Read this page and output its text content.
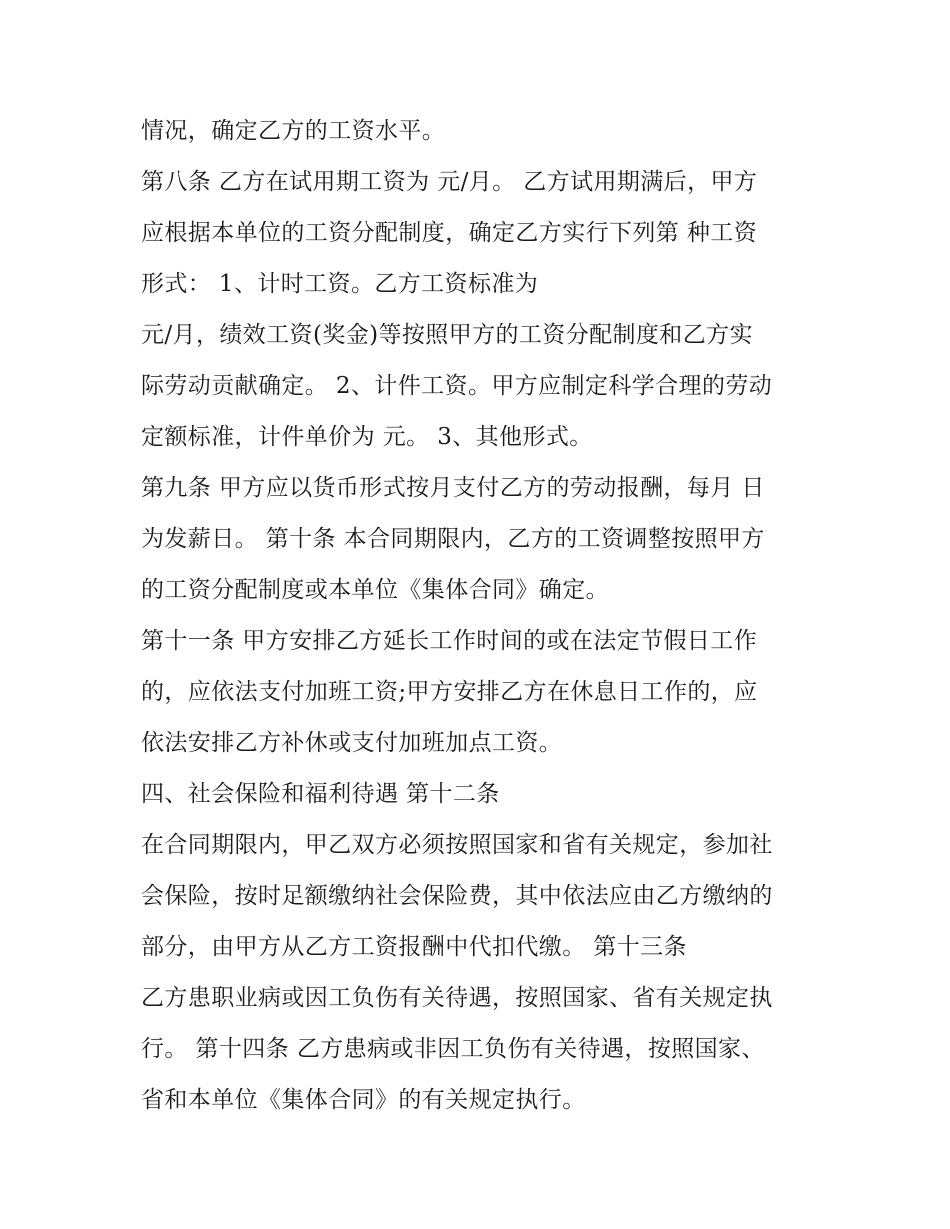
情况，确定乙方的工资水平。
第八条 乙方在试用期工资为 元/月。 乙方试用期满后，甲方
应根据本单位的工资分配制度，确定乙方实行下列第 种工资
形式： 1、计时工资。乙方工资标准为
元/月，绩效工资(奖金)等按照甲方的工资分配制度和乙方实
际劳动贡献确定。 2、计件工资。甲方应制定科学合理的劳动
定额标准，计件单价为 元。 3、其他形式。
第九条 甲方应以货币形式按月支付乙方的劳动报酬，每月 日
为发薪日。 第十条 本合同期限内，乙方的工资调整按照甲方
的工资分配制度或本单位《集体合同》确定。
第十一条 甲方安排乙方延长工作时间的或在法定节假日工作
的，应依法支付加班工资;甲方安排乙方在休息日工作的，应
依法安排乙方补休或支付加班加点工资。
四、社会保险和福利待遇 第十二条
在合同期限内，甲乙双方必须按照国家和省有关规定，参加社
会保险，按时足额缴纳社会保险费，其中依法应由乙方缴纳的
部分，由甲方从乙方工资报酬中代扣代缴。 第十三条
乙方患职业病或因工负伤有关待遇，按照国家、省有关规定执
行。 第十四条 乙方患病或非因工负伤有关待遇，按照国家、
省和本单位《集体合同》的有关规定执行。
